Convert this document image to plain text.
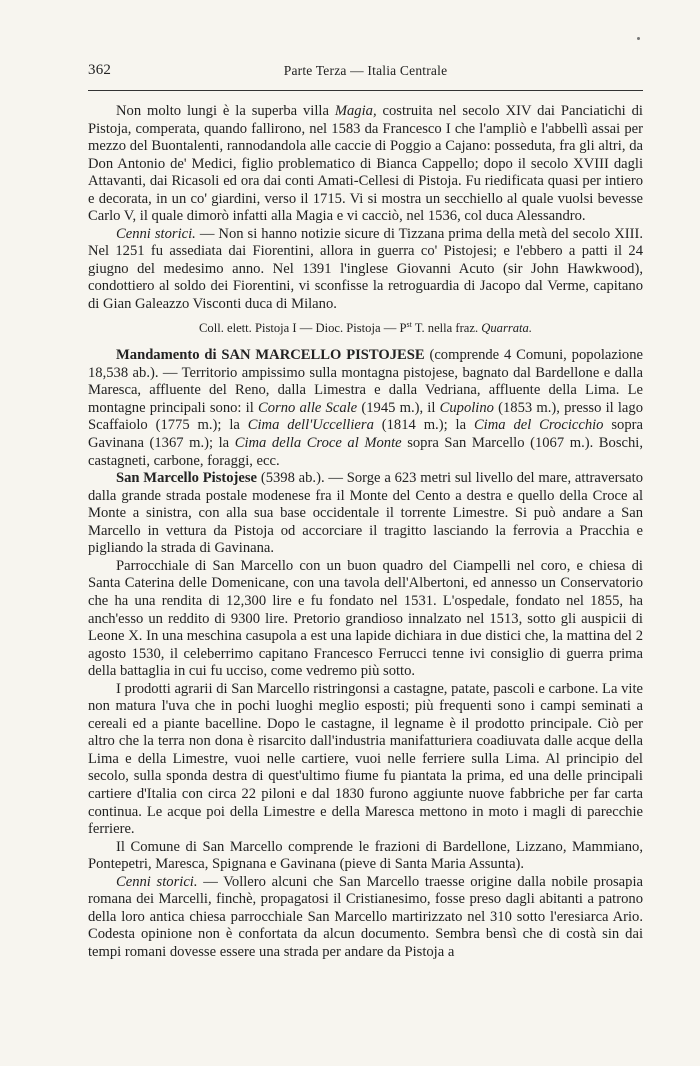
362	Parte Terza — Italia Centrale

Non molto lungi è la superba villa Magia, costruita nel secolo XIV dai Panciatichi di Pistoja, comperata, quando fallirono, nel 1583 da Francesco I che l'ampliò e l'abbellì assai per mezzo del Buontalenti, rannodandola alle caccie di Poggio a Cajano: posseduta, fra gli altri, da Don Antonio de' Medici, figlio problematico di Bianca Cappello; dopo il secolo XVIII dagli Attavanti, dai Ricasoli ed ora dai conti Amati-Cellesi di Pistoja. Fu riedificata quasi per intiero e decorata, in un co' giardini, verso il 1715. Vi si mostra un secchiello al quale vuolsi bevesse Carlo V, il quale dimorò infatti alla Magia e vi cacciò, nel 1536, col duca Alessandro.

Cenni storici. — Non si hanno notizie sicure di Tizzana prima della metà del secolo XIII. Nel 1251 fu assediata dai Fiorentini, allora in guerra co' Pistojesi; e l'ebbero a patti il 24 giugno del medesimo anno. Nel 1391 l'inglese Giovanni Acuto (sir John Hawkwood), condottiero al soldo dei Fiorentini, vi sconfisse la retroguardia di Jacopo dal Verme, capitano di Gian Galeazzo Visconti duca di Milano.

Coll. elett. Pistoja I — Dioc. Pistoja — $P^{st}$ T. nella fraz. Quarrata.

Mandamento di SAN MARCELLO PISTOJESE (comprende 4 Comuni, popolazione 18,538 ab.). — Territorio ampissimo sulla montagna pistojese, bagnato dal Bardellone e dalla Maresca, affluente del Reno, dalla Limestra e dalla Vedriana, affluente della Lima. Le montagne principali sono: il Corno alle Scale (1945 m.), il Cupolino (1853 m.), presso il lago Scaffaiolo (1775 m.); la Cima dell'Uccelliera (1814 m.); la Cima del Crocicchio sopra Gavinana (1367 m.); la Cima della Croce al Monte sopra San Marcello (1067 m.). Boschi, castagneti, carbone, foraggi, ecc.

San Marcello Pistojese (5398 ab.). — Sorge a 623 metri sul livello del mare, attraversato dalla grande strada postale modenese fra il Monte del Cento a destra e quello della Croce al Monte a sinistra, con alla sua base occidentale il torrente Limestre. Si può andare a San Marcello in vettura da Pistoja od accorciare il tragitto lasciando la ferrovia a Pracchia e pigliando la strada di Gavinana.

Parrocchiale di San Marcello con un buon quadro del Ciampelli nel coro, e chiesa di Santa Caterina delle Domenicane, con una tavola dell'Albertoni, ed annesso un Conservatorio che ha una rendita di 12,300 lire e fu fondato nel 1531. L'ospedale, fondato nel 1855, ha anch'esso un reddito di 9300 lire. Pretorio grandioso innalzato nel 1513, sotto gli auspicii di Leone X. In una meschina casupola a est una lapide dichiara in due distici che, la mattina del 2 agosto 1530, il celeberrimo capitano Francesco Ferrucci tenne ivi consiglio di guerra prima della battaglia in cui fu ucciso, come vedremo più sotto.

I prodotti agrarii di San Marcello ristringonsi a castagne, patate, pascoli e carbone. La vite non matura l'uva che in pochi luoghi meglio esposti; più frequenti sono i campi seminati a cereali ed a piante bacelline. Dopo le castagne, il legname è il prodotto principale. Ciò per altro che la terra non dona è risarcito dall'industria manifatturiera coadiuvata dalle acque della Lima e della Limestre, vuoi nelle cartiere, vuoi nelle ferriere sulla Lima. Al principio del secolo, sulla sponda destra di quest'ultimo fiume fu piantata la prima, ed una delle principali cartiere d'Italia con circa 22 piloni e dal 1830 furono aggiunte nuove fabbriche per far carta continua. Le acque poi della Limestre e della Maresca mettono in moto i magli di parecchie ferriere.

Il Comune di San Marcello comprende le frazioni di Bardellone, Lizzano, Mammiano, Pontepetri, Maresca, Spignana e Gavinana (pieve di Santa Maria Assunta).

Cenni storici. — Vollero alcuni che San Marcello traesse origine dalla nobile prosapia romana dei Marcelli, finchè, propagatosi il Cristianesimo, fosse preso dagli abitanti a patrono della loro antica chiesa parrocchiale San Marcello martirizzato nel 310 sotto l'eresiarca Ario. Codesta opinione non è confortata da alcun documento. Sembra bensì che di costà sin dai tempi romani dovesse essere una strada per andare da Pistoja a
